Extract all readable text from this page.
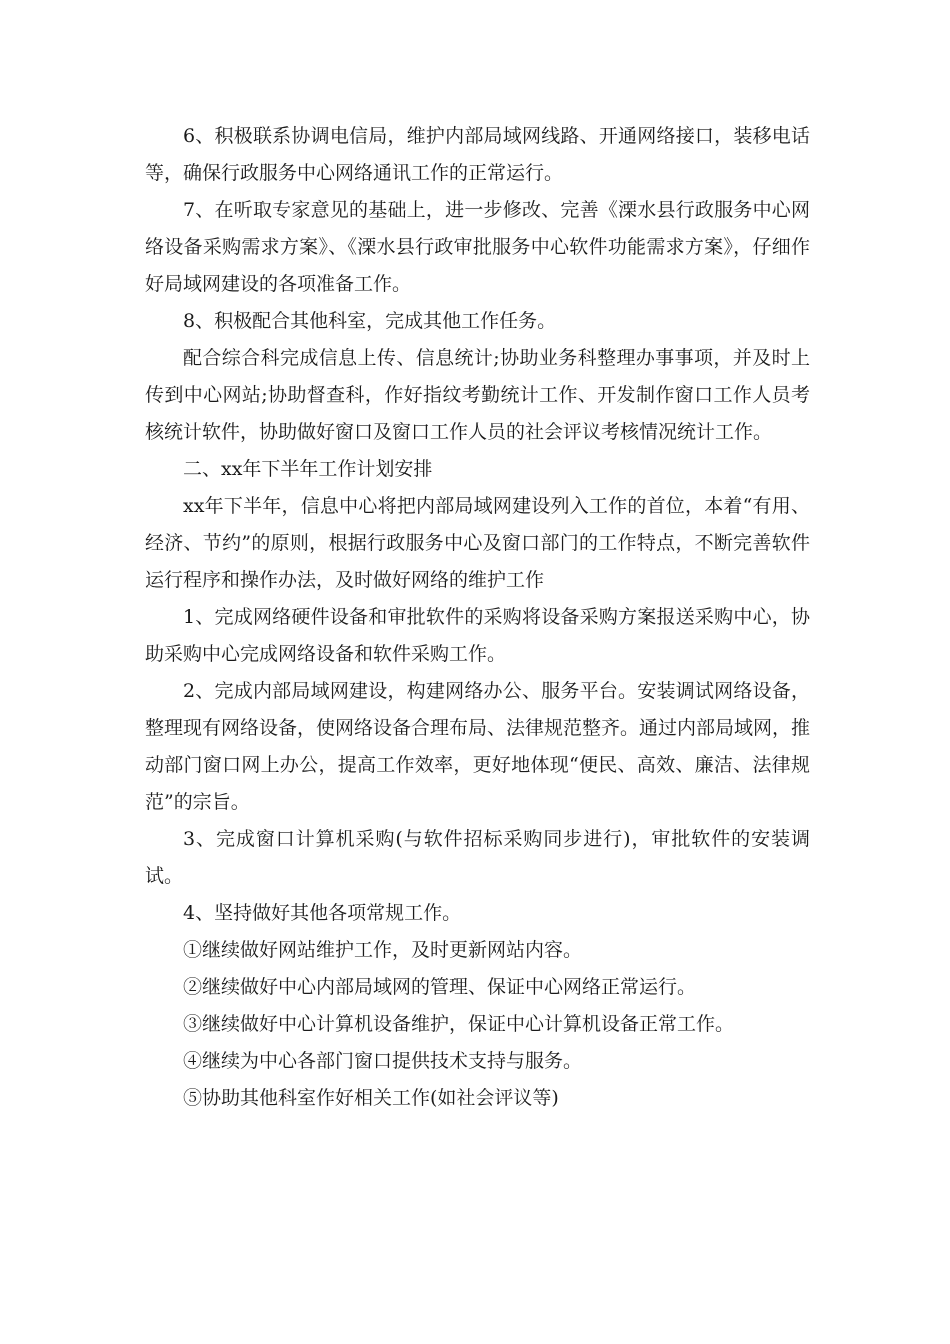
6、积极联系协调电信局，维护内部局域网线路、开通网络接口，装移电话等，确保行政服务中心网络通讯工作的正常运行。

7、在听取专家意见的基础上，进一步修改、完善《溧水县行政服务中心网络设备采购需求方案》、《溧水县行政审批服务中心软件功能需求方案》，仔细作好局域网建设的各项准备工作。

8、积极配合其他科室，完成其他工作任务。

配合综合科完成信息上传、信息统计;协助业务科整理办事事项，并及时上传到中心网站;协助督查科，作好指纹考勤统计工作、开发制作窗口工作人员考核统计软件，协助做好窗口及窗口工作人员的社会评议考核情况统计工作。

二、xx年下半年工作计划安排

xx年下半年，信息中心将把内部局域网建设列入工作的首位，本着“有用、经济、节约”的原则，根据行政服务中心及窗口部门的工作特点，不断完善软件运行程序和操作办法，及时做好网络的维护工作

1、完成网络硬件设备和审批软件的采购将设备采购方案报送采购中心，协助采购中心完成网络设备和软件采购工作。

2、完成内部局域网建设，构建网络办公、服务平台。安装调试网络设备，整理现有网络设备，使网络设备合理布局、法律规范整齐。通过内部局域网，推动部门窗口网上办公，提高工作效率，更好地体现“便民、高效、廉洁、法律规范”的宗旨。

3、完成窗口计算机采购(与软件招标采购同步进行)，审批软件的安装调试。

4、坚持做好其他各项常规工作。

①继续做好网站维护工作，及时更新网站内容。

②继续做好中心内部局域网的管理、保证中心网络正常运行。

③继续做好中心计算机设备维护，保证中心计算机设备正常工作。

④继续为中心各部门窗口提供技术支持与服务。

⑤协助其他科室作好相关工作(如社会评议等)
